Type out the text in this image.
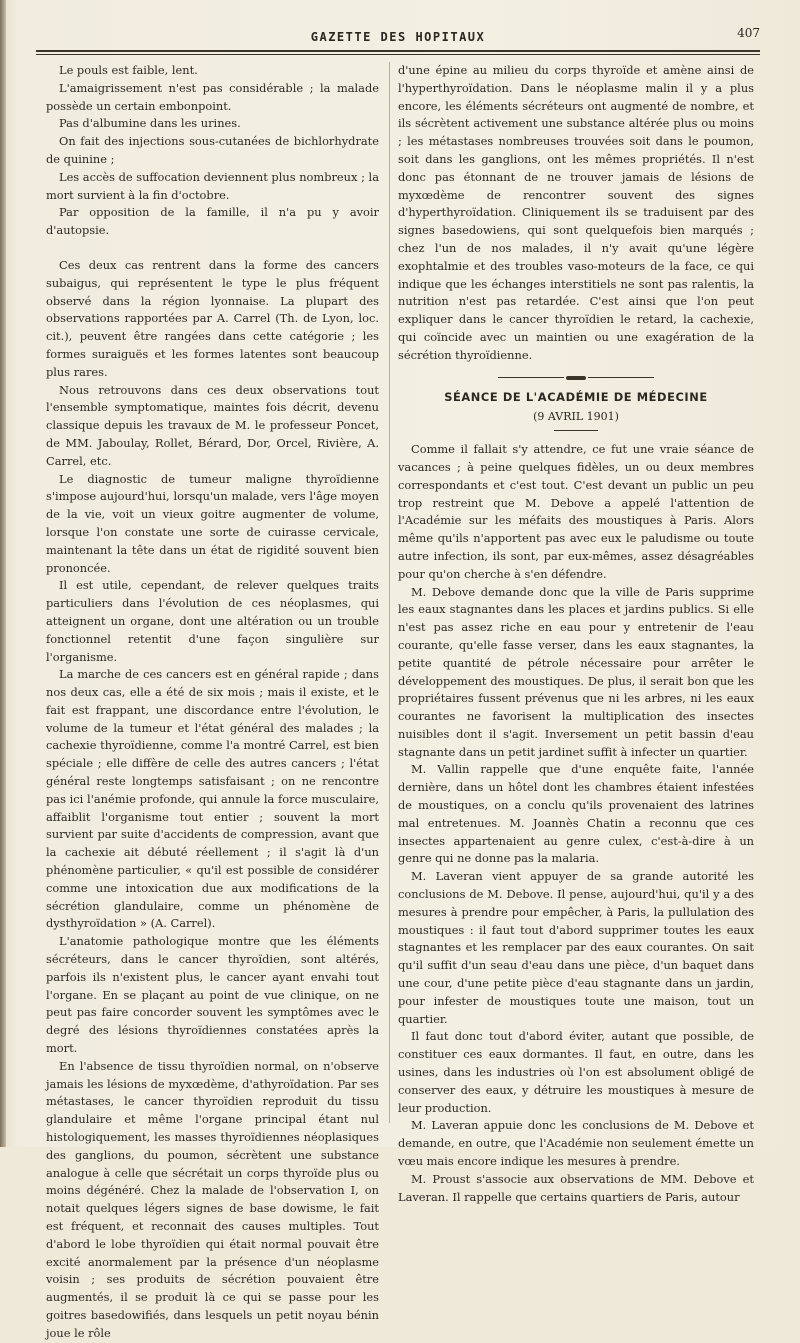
GAZETTE DES HOPITAUX	407

Le pouls est faible, lent.

L'amaigrissement n'est pas considérable ; la malade possède un certain embonpoint.

Pas d'albumine dans les urines.

On fait des injections sous-cutanées de bichlorhydrate de quinine ;

Les accès de suffocation deviennent plus nombreux ; la mort survient à la fin d'octobre.

Par opposition de la famille, il n'a pu y avoir d'autopsie.

Ces deux cas rentrent dans la forme des cancers subaigus, qui représentent le type le plus fréquent observé dans la région lyonnaise. La plupart des observations rapportées par A. Carrel (Th. de Lyon, loc. cit.), peuvent être rangées dans cette catégorie ; les formes suraiguës et les formes latentes sont beaucoup plus rares.

Nous retrouvons dans ces deux observations tout l'ensemble symptomatique, maintes fois décrit, devenu classique depuis les travaux de M. le professeur Poncet, de MM. Jaboulay, Rollet, Bérard, Dor, Orcel, Rivière, A. Carrel, etc.

Le diagnostic de tumeur maligne thyroïdienne s'impose aujourd'hui, lorsqu'un malade, vers l'âge moyen de la vie, voit un vieux goitre augmenter de volume, lorsque l'on constate une sorte de cuirasse cervicale, maintenant la tête dans un état de rigidité souvent bien prononcée.

Il est utile, cependant, de relever quelques traits particuliers dans l'évolution de ces néoplasmes, qui atteignent un organe, dont une altération ou un trouble fonctionnel retentit d'une façon singulière sur l'organisme.

La marche de ces cancers est en général rapide ; dans nos deux cas, elle a été de six mois ; mais il existe, et le fait est frappant, une discordance entre l'évolution, le volume de la tumeur et l'état général des malades ; la cachexie thyroïdienne, comme l'a montré Carrel, est bien spéciale ; elle diffère de celle des autres cancers ; l'état général reste longtemps satisfaisant ; on ne rencontre pas ici l'anémie profonde, qui annule la force musculaire, affaiblit l'organisme tout entier ; souvent la mort survient par suite d'accidents de compression, avant que la cachexie ait débuté réellement ; il s'agit là d'un phénomène particulier, « qu'il est possible de considérer comme une intoxication due aux modifications de la sécrétion glandulaire, comme un phénomène de dysthyroïdation » (A. Carrel).

L'anatomie pathologique montre que les éléments sécréteurs, dans le cancer thyroïdien, sont altérés, parfois ils n'existent plus, le cancer ayant envahi tout l'organe. En se plaçant au point de vue clinique, on ne peut pas faire concorder souvent les symptômes avec le degré des lésions thyroïdiennes constatées après la mort.

En l'absence de tissu thyroïdien normal, on n'observe jamais les lésions de myxœdème, d'athyroïdation. Par ses métastases, le cancer thyroïdien reproduit du tissu glandulaire et même l'organe principal étant nul histologiquement, les masses thyroïdiennes néoplasiques des ganglions, du poumon, sécrètent une substance analogue à celle que sécrétait un corps thyroïde plus ou moins dégénéré. Chez la malade de l'observation I, on notait quelques légers signes de base dowisme, le fait est fréquent, et reconnait des causes multiples. Tout d'abord le lobe thyroïdien qui était normal pouvait être excité anormalement par la présence d'un néoplasme voisin ; ses produits de sécrétion pouvaient être augmentés, il se produit là ce qui se passe pour les goitres basedowifiés, dans lesquels un petit noyau bénin joue le rôle

d'une épine au milieu du corps thyroïde et amène ainsi de l'hyperthyroïdation. Dans le néoplasme malin il y a plus encore, les éléments sécréteurs ont augmenté de nombre, et ils sécrètent activement une substance altérée plus ou moins ; les métastases nombreuses trouvées soit dans le poumon, soit dans les ganglions, ont les mêmes propriétés. Il n'est donc pas étonnant de ne trouver jamais de lésions de myxœdème de rencontrer souvent des signes d'hyperthyroïdation. Cliniquement ils se traduisent par des signes basedowiens, qui sont quelquefois bien marqués ; chez l'un de nos malades, il n'y avait qu'une légère exophtalmie et des troubles vaso-moteurs de la face, ce qui indique que les échanges interstitiels ne sont pas ralentis, la nutrition n'est pas retardée. C'est ainsi que l'on peut expliquer dans le cancer thyroïdien le retard, la cachexie, qui coïncide avec un maintien ou une exagération de la sécrétion thyroïdienne.

SÉANCE DE L'ACADÉMIE DE MÉDECINE
(9 AVRIL 1901)

Comme il fallait s'y attendre, ce fut une vraie séance de vacances ; à peine quelques fidèles, un ou deux membres correspondants et c'est tout. C'est devant un public un peu trop restreint que M. Debove a appelé l'attention de l'Académie sur les méfaits des moustiques à Paris. Alors même qu'ils n'apportent pas avec eux le paludisme ou toute autre infection, ils sont, par eux-mêmes, assez désagréables pour qu'on cherche à s'en défendre.

M. Debove demande donc que la ville de Paris supprime les eaux stagnantes dans les places et jardins publics. Si elle n'est pas assez riche en eau pour y entretenir de l'eau courante, qu'elle fasse verser, dans les eaux stagnantes, la petite quantité de pétrole nécessaire pour arrêter le développement des moustiques. De plus, il serait bon que les propriétaires fussent prévenus que ni les arbres, ni les eaux courantes ne favorisent la multiplication des insectes nuisibles dont il s'agit. Inversement un petit bassin d'eau stagnante dans un petit jardinet suffit à infecter un quartier.

M. Vallin rappelle que d'une enquête faite, l'année dernière, dans un hôtel dont les chambres étaient infestées de moustiques, on a conclu qu'ils provenaient des latrines mal entretenues. M. Joannès Chatin a reconnu que ces insectes appartenaient au genre culex, c'est-à-dire à un genre qui ne donne pas la malaria.

M. Laveran vient appuyer de sa grande autorité les conclusions de M. Debove. Il pense, aujourd'hui, qu'il y a des mesures à prendre pour empêcher, à Paris, la pullulation des moustiques : il faut tout d'abord supprimer toutes les eaux stagnantes et les remplacer par des eaux courantes. On sait qu'il suffit d'un seau d'eau dans une pièce, d'un baquet dans une cour, d'une petite pièce d'eau stagnante dans un jardin, pour infester de moustiques toute une maison, tout un quartier.

Il faut donc tout d'abord éviter, autant que possible, de constituer ces eaux dormantes. Il faut, en outre, dans les usines, dans les industries où l'on est absolument obligé de conserver des eaux, y détruire les moustiques à mesure de leur production.

M. Laveran appuie donc les conclusions de M. Debove et demande, en outre, que l'Académie non seulement émette un vœu mais encore indique les mesures à prendre.

M. Proust s'associe aux observations de MM. Debove et Laveran. Il rappelle que certains quartiers de Paris, autour
